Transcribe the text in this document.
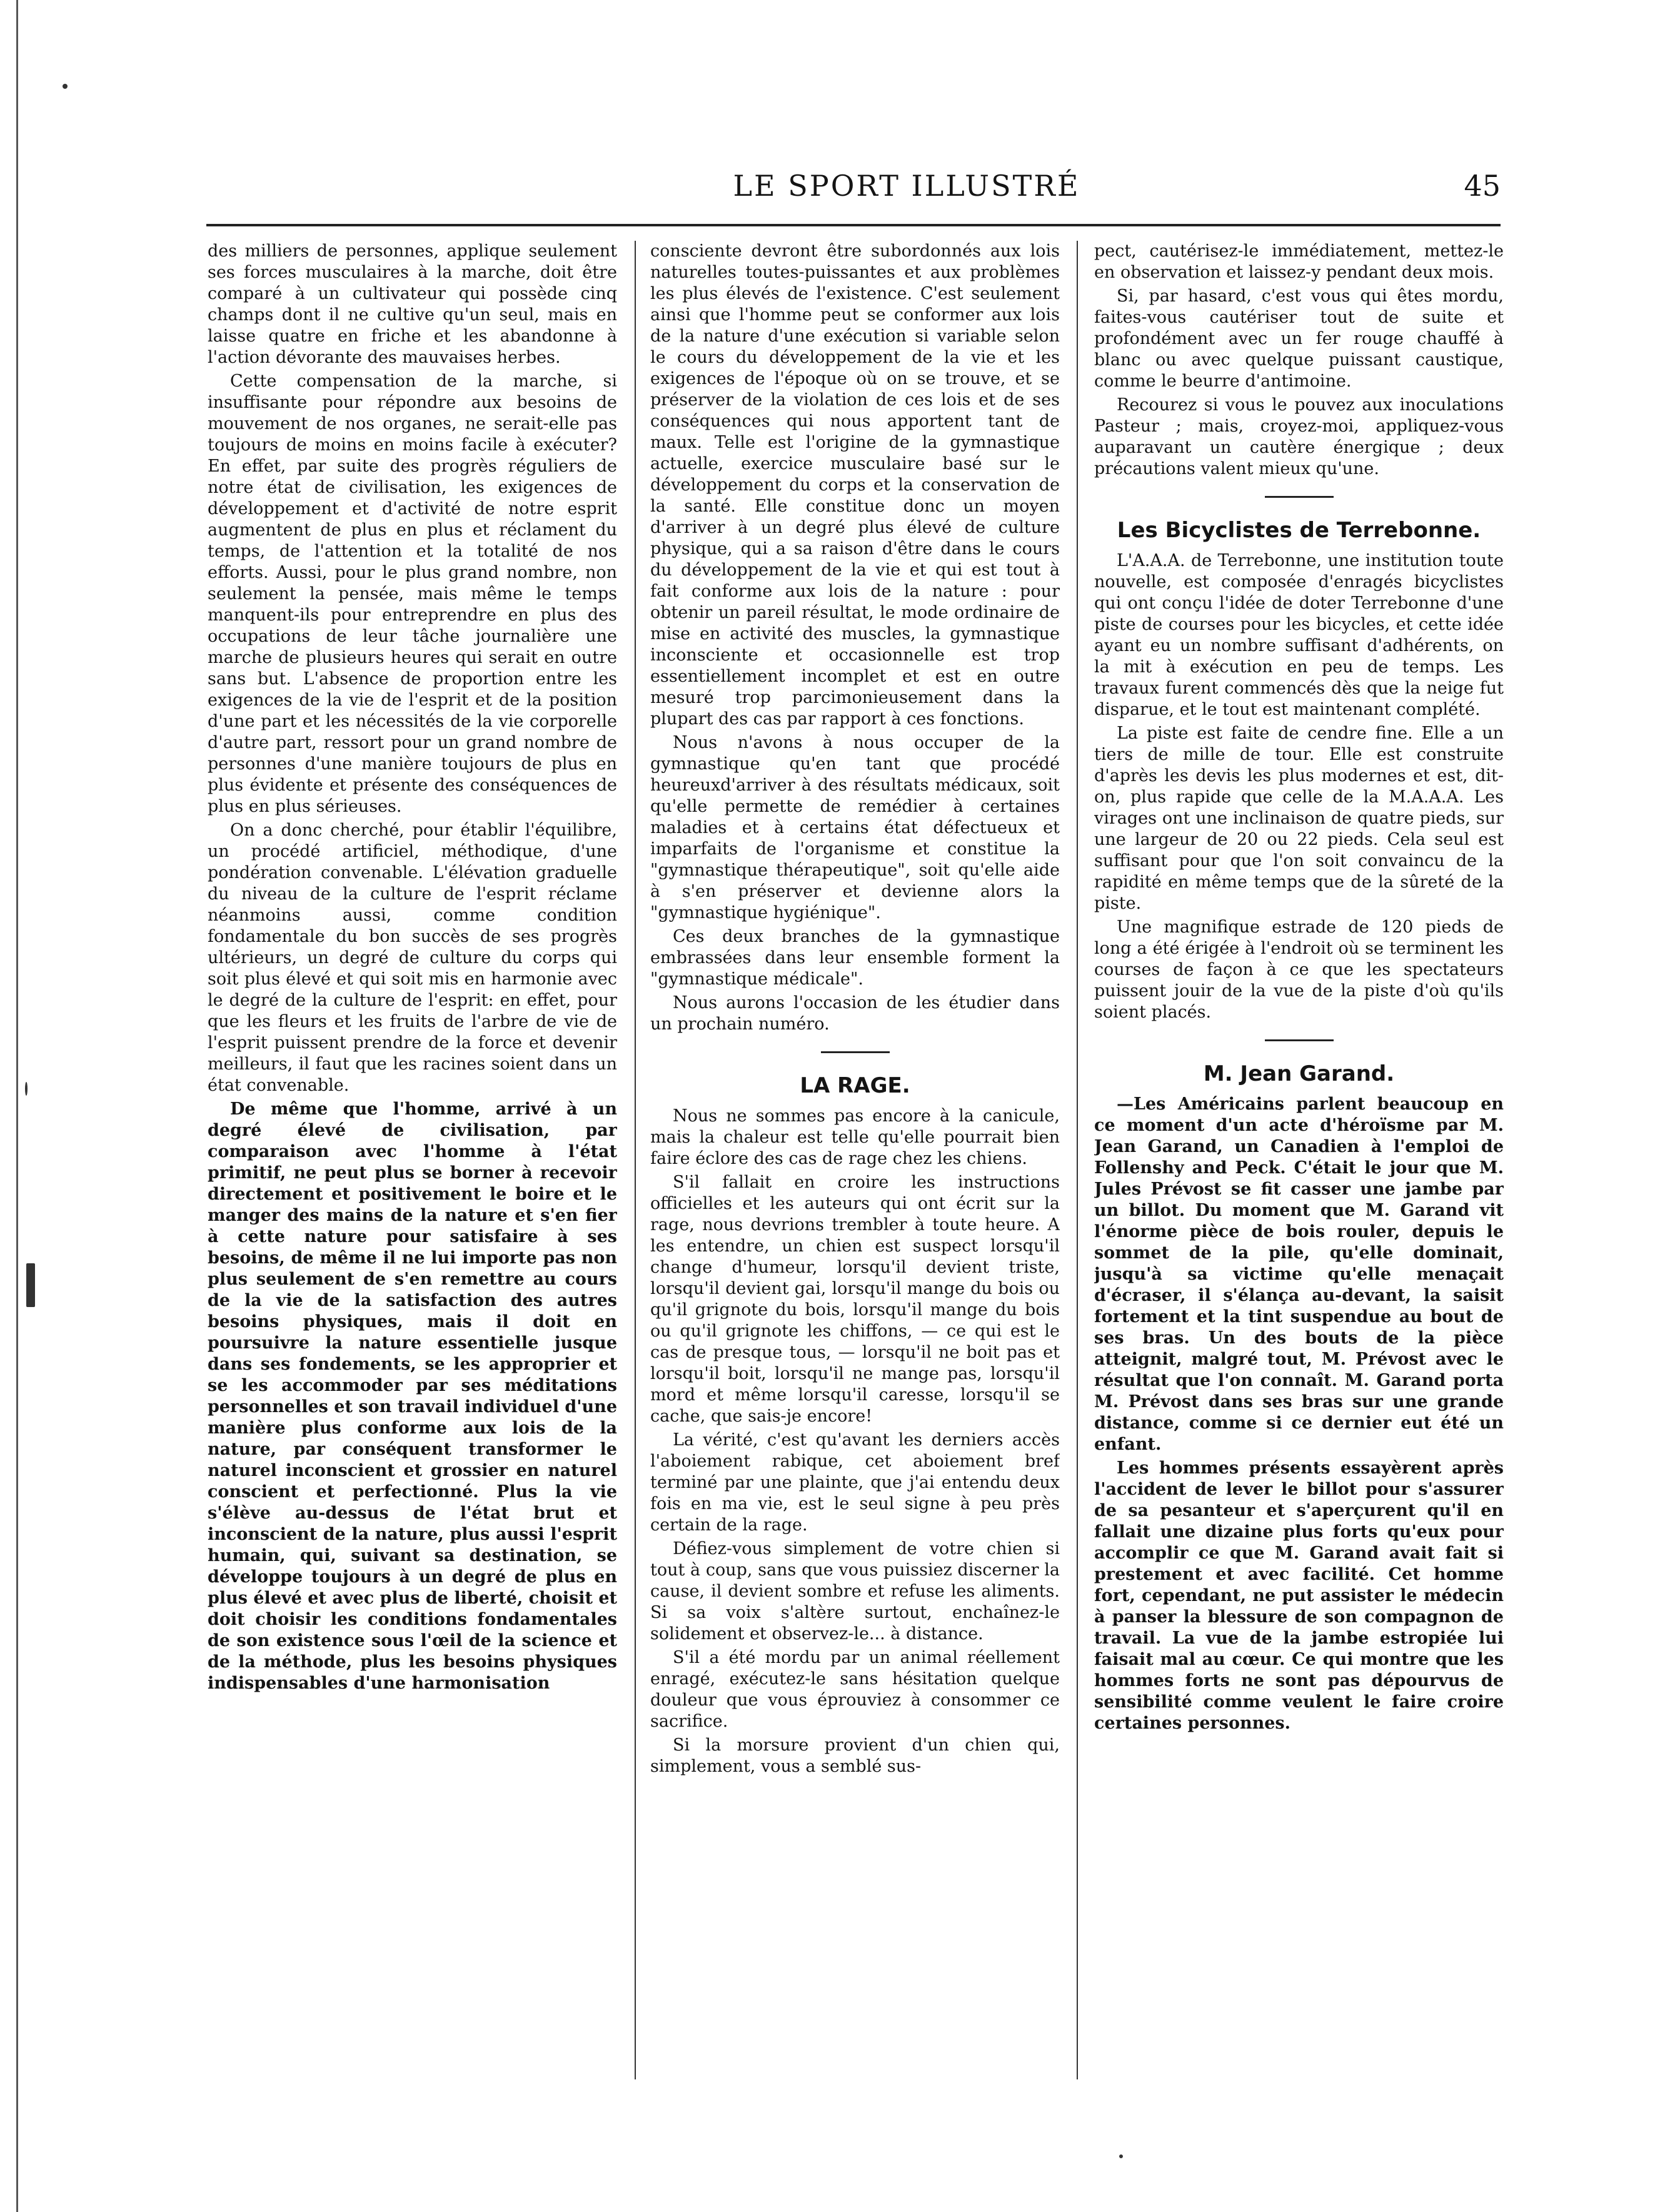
LE SPORT ILLUSTRÉ	45

des milliers de personnes, applique seulement ses forces musculaires à la marche, doit être comparé à un cultivateur qui possède cinq champs dont il ne cultive qu'un seul, mais en laisse quatre en friche et les abandonne à l'action dévorante des mauvaises herbes.

Cette compensation de la marche, si insuffisante pour répondre aux besoins de mouvement de nos organes, ne serait-elle pas toujours de moins en moins facile à exécuter? En effet, par suite des progrès réguliers de notre état de civilisation, les exigences de développement et d'activité de notre esprit augmentent de plus en plus et réclament du temps, de l'attention et la totalité de nos efforts. Aussi, pour le plus grand nombre, non seulement la pensée, mais même le temps manquent-ils pour entreprendre en plus des occupations de leur tâche journalière une marche de plusieurs heures qui serait en outre sans but. L'absence de proportion entre les exigences de la vie de l'esprit et de la position d'une part et les nécessités de la vie corporelle d'autre part, ressort pour un grand nombre de personnes d'une manière toujours de plus en plus évidente et présente des conséquences de plus en plus sérieuses.

On a donc cherché, pour établir l'équilibre, un procédé artificiel, méthodique, d'une pondération convenable. L'élévation graduelle du niveau de la culture de l'esprit réclame néanmoins aussi, comme condition fondamentale du bon succès de ses progrès ultérieurs, un degré de culture du corps qui soit plus élevé et qui soit mis en harmonie avec le degré de la culture de l'esprit: en effet, pour que les fleurs et les fruits de l'arbre de vie de l'esprit puissent prendre de la force et devenir meilleurs, il faut que les racines soient dans un état convenable.

De même que l'homme, arrivé à un degré élevé de civilisation, par comparaison avec l'homme à l'état primitif, ne peut plus se borner à recevoir directement et positivement le boire et le manger des mains de la nature et s'en fier à cette nature pour satisfaire à ses besoins, de même il ne lui importe pas non plus seulement de s'en remettre au cours de la vie de la satisfaction des autres besoins physiques, mais il doit en poursuivre la nature essentielle jusque dans ses fondements, se les approprier et se les accommoder par ses méditations personnelles et son travail individuel d'une manière plus conforme aux lois de la nature, par conséquent transformer le naturel inconscient et grossier en naturel conscient et perfectionné. Plus la vie s'élève au-dessus de l'état brut et inconscient de la nature, plus aussi l'esprit humain, qui, suivant sa destination, se développe toujours à un degré de plus en plus élevé et avec plus de liberté, choisit et doit choisir les conditions fondamentales de son existence sous l'œil de la science et de la méthode, plus les besoins physiques indispensables d'une harmonisation

consciente devront être subordonnés aux lois naturelles toutes-puissantes et aux problèmes les plus élevés de l'existence. C'est seulement ainsi que l'homme peut se conformer aux lois de la nature d'une exécution si variable selon le cours du développement de la vie et les exigences de l'époque où on se trouve, et se préserver de la violation de ces lois et de ses conséquences qui nous apportent tant de maux. Telle est l'origine de la gymnastique actuelle, exercice musculaire basé sur le développement du corps et la conservation de la santé. Elle constitue donc un moyen d'arriver à un degré plus élevé de culture physique, qui a sa raison d'être dans le cours du développement de la vie et qui est tout à fait conforme aux lois de la nature : pour obtenir un pareil résultat, le mode ordinaire de mise en activité des muscles, la gymnastique inconsciente et occasionnelle est trop essentiellement incomplet et est en outre mesuré trop parcimonieusement dans la plupart des cas par rapport à ces fonctions.

Nous n'avons à nous occuper de la gymnastique qu'en tant que procédé heureuxd'arriver à des résultats médicaux, soit qu'elle permette de remédier à certaines maladies et à certains état défectueux et imparfaits de l'organisme et constitue la "gymnastique thérapeutique", soit qu'elle aide à s'en préserver et devienne alors la "gymnastique hygiénique".

Ces deux branches de la gymnastique embrassées dans leur ensemble forment la "gymnastique médicale".

Nous aurons l'occasion de les étudier dans un prochain numéro.

LA RAGE.

Nous ne sommes pas encore à la canicule, mais la chaleur est telle qu'elle pourrait bien faire éclore des cas de rage chez les chiens.

S'il fallait en croire les instructions officielles et les auteurs qui ont écrit sur la rage, nous devrions trembler à toute heure. A les entendre, un chien est suspect lorsqu'il change d'humeur, lorsqu'il devient triste, lorsqu'il devient gai, lorsqu'il mange du bois ou qu'il grignote du bois, lorsqu'il mange du bois ou qu'il grignote les chiffons, — ce qui est le cas de presque tous, — lorsqu'il ne boit pas et lorsqu'il boit, lorsqu'il ne mange pas, lorsqu'il mord et même lorsqu'il caresse, lorsqu'il se cache, que sais-je encore!

La vérité, c'est qu'avant les derniers accès l'aboiement rabique, cet aboiement bref terminé par une plainte, que j'ai entendu deux fois en ma vie, est le seul signe à peu près certain de la rage.

Défiez-vous simplement de votre chien si tout à coup, sans que vous puissiez discerner la cause, il devient sombre et refuse les aliments. Si sa voix s'altère surtout, enchaînez-le solidement et observez-le... à distance.

S'il a été mordu par un animal réellement enragé, exécutez-le sans hésitation quelque douleur que vous éprouviez à consommer ce sacrifice.

Si la morsure provient d'un chien qui, simplement, vous a semblé sus-

pect, cautérisez-le immédiatement, mettez-le en observation et laissez-y pendant deux mois.

Si, par hasard, c'est vous qui êtes mordu, faites-vous cautériser tout de suite et profondément avec un fer rouge chauffé à blanc ou avec quelque puissant caustique, comme le beurre d'antimoine.

Recourez si vous le pouvez aux inoculations Pasteur ; mais, croyez-moi, appliquez-vous auparavant un cautère énergique ; deux précautions valent mieux qu'une.

Les Bicyclistes de Terrebonne.

L'A.A.A. de Terrebonne, une institution toute nouvelle, est composée d'enragés bicyclistes qui ont conçu l'idée de doter Terrebonne d'une piste de courses pour les bicycles, et cette idée ayant eu un nombre suffisant d'adhérents, on la mit à exécution en peu de temps. Les travaux furent commencés dès que la neige fut disparue, et le tout est maintenant complété.

La piste est faite de cendre fine. Elle a un tiers de mille de tour. Elle est construite d'après les devis les plus modernes et est, dit-on, plus rapide que celle de la M.A.A.A. Les virages ont une inclinaison de quatre pieds, sur une largeur de 20 ou 22 pieds. Cela seul est suffisant pour que l'on soit convaincu de la rapidité en même temps que de la sûreté de la piste.

Une magnifique estrade de 120 pieds de long a été érigée à l'endroit où se terminent les courses de façon à ce que les spectateurs puissent jouir de la vue de la piste d'où qu'ils soient placés.

M. Jean Garand.

—Les Américains parlent beaucoup en ce moment d'un acte d'héroïsme par M. Jean Garand, un Canadien à l'emploi de Follenshy and Peck. C'était le jour que M. Jules Prévost se fit casser une jambe par un billot. Du moment que M. Garand vit l'énorme pièce de bois rouler, depuis le sommet de la pile, qu'elle dominait, jusqu'à sa victime qu'elle menaçait d'écraser, il s'élança au-devant, la saisit fortement et la tint suspendue au bout de ses bras. Un des bouts de la pièce atteignit, malgré tout, M. Prévost avec le résultat que l'on connaît. M. Garand porta M. Prévost dans ses bras sur une grande distance, comme si ce dernier eut été un enfant.

Les hommes présents essayèrent après l'accident de lever le billot pour s'assurer de sa pesanteur et s'aperçurent qu'il en fallait une dizaine plus forts qu'eux pour accomplir ce que M. Garand avait fait si prestement et avec facilité. Cet homme fort, cependant, ne put assister le médecin à panser la blessure de son compagnon de travail. La vue de la jambe estropiée lui faisait mal au cœur. Ce qui montre que les hommes forts ne sont pas dépourvus de sensibilité comme veulent le faire croire certaines personnes.
